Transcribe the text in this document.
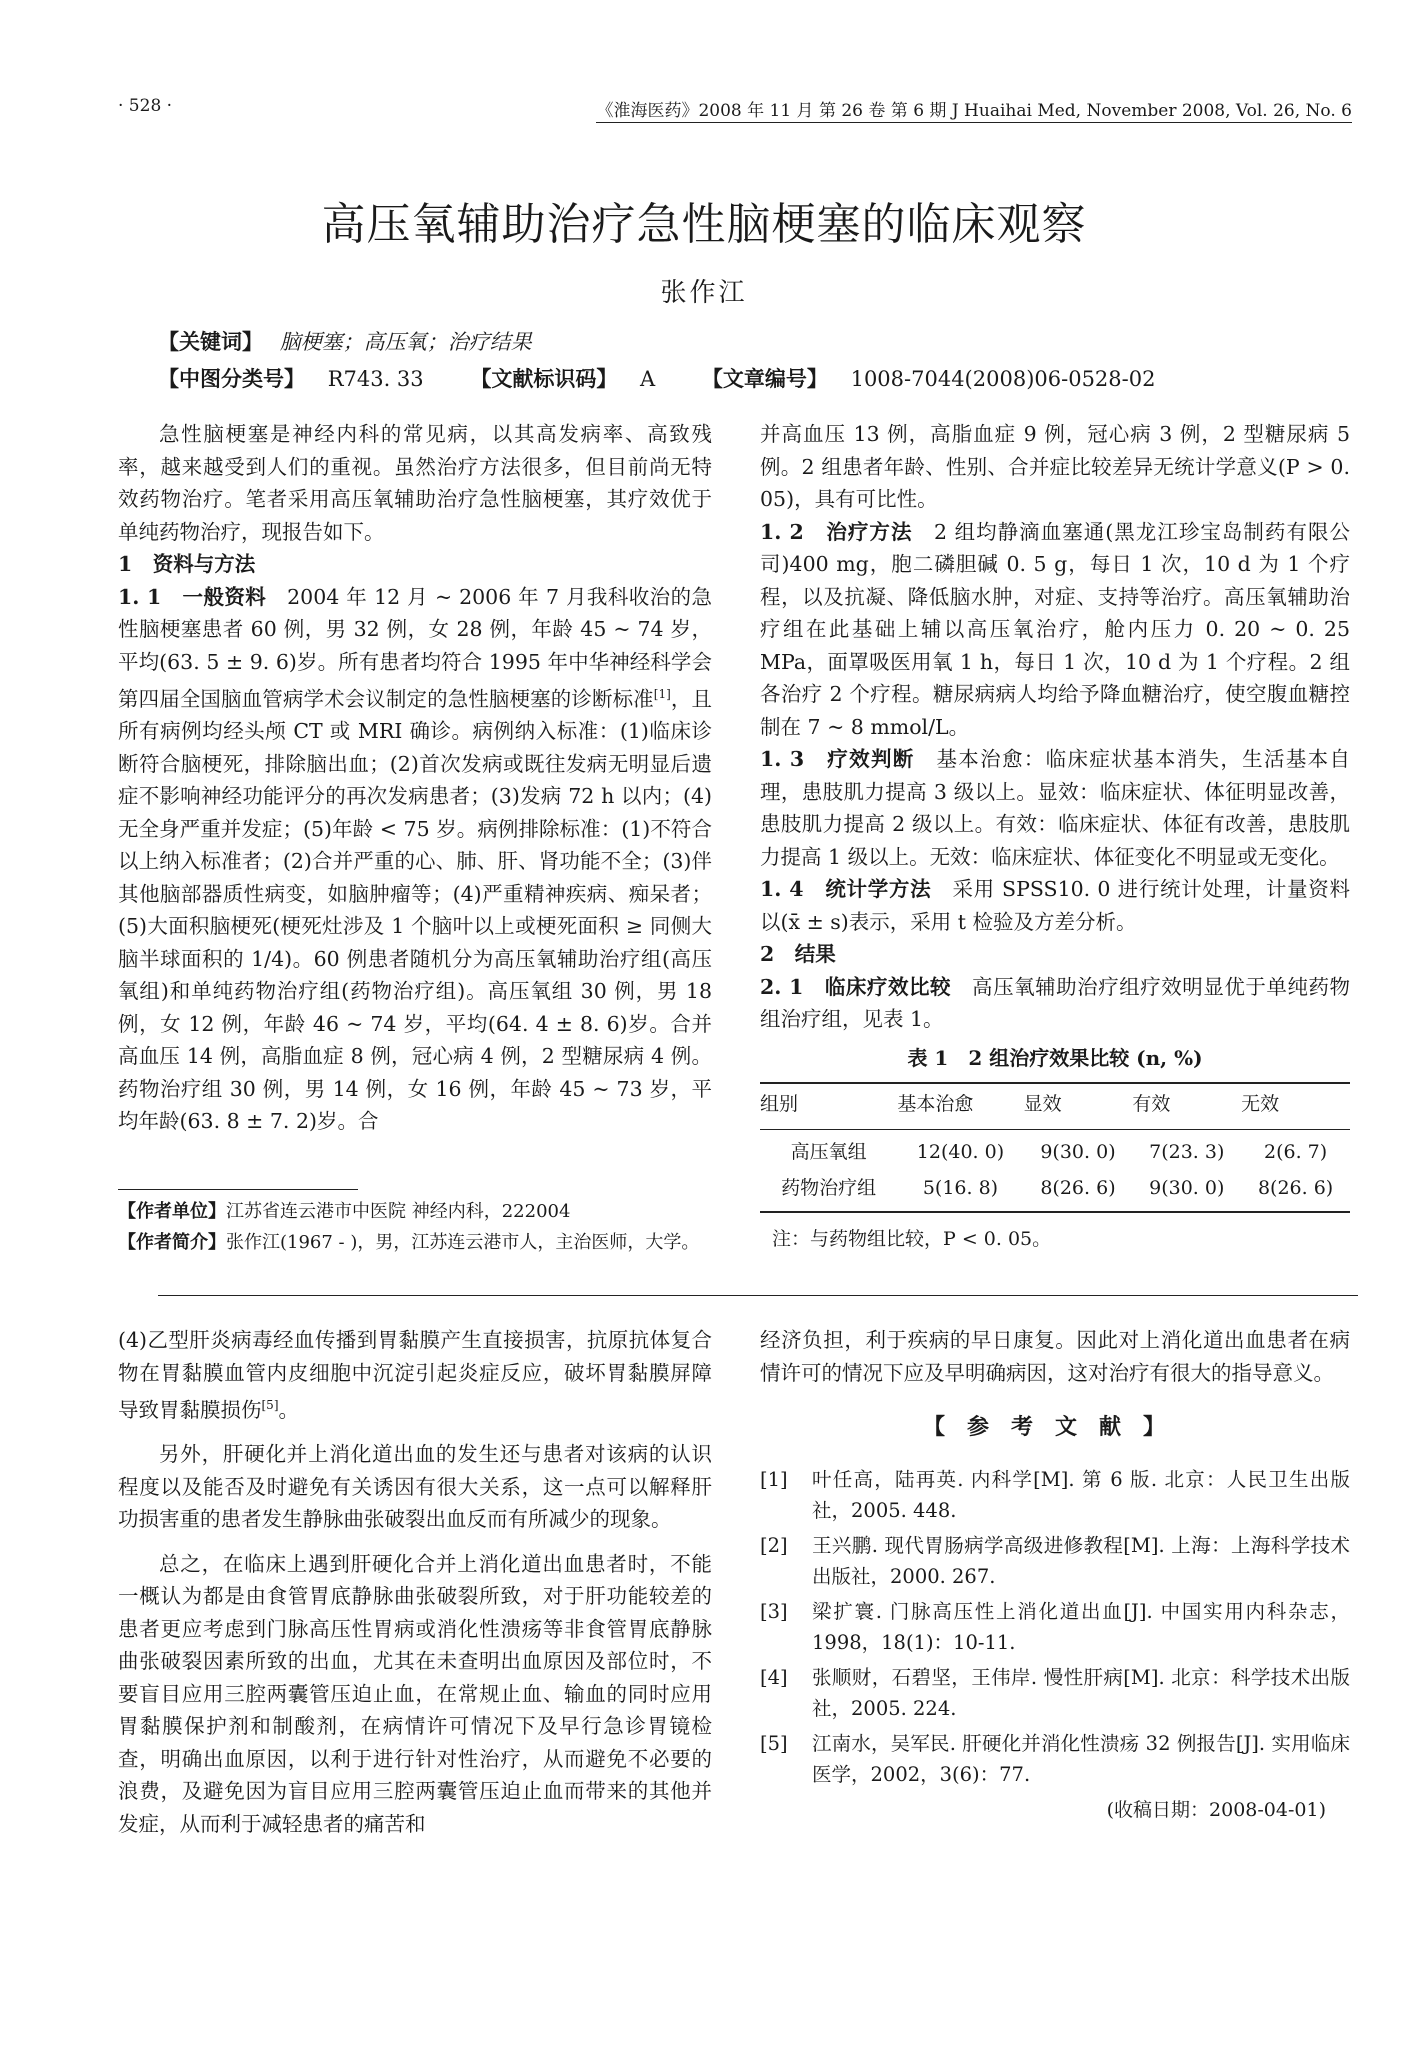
· 528 ·	《淮海医药》2008 年 11 月 第 26 卷 第 6 期 J Huaihai Med, November 2008, Vol. 26, No. 6
高压氧辅助治疗急性脑梗塞的临床观察
张作江
【关键词】 脑梗塞；高压氧；治疗结果
【中图分类号】 R743. 33 【文献标识码】 A 【文章编号】 1008-7044(2008)06-0528-02

急性脑梗塞是神经内科的常见病，以其高发病率、高致残率，越来越受到人们的重视。虽然治疗方法很多，但目前尚无特效药物治疗。笔者采用高压氧辅助治疗急性脑梗塞，其疗效优于单纯药物治疗，现报告如下。

1　资料与方法

1. 1　一般资料　2004 年 12 月 ~ 2006 年 7 月我科收治的急性脑梗塞患者 60 例，男 32 例，女 28 例，年龄 45 ~ 74 岁，平均(63. 5 ± 9. 6)岁。所有患者均符合 1995 年中华神经科学会第四届全国脑血管病学术会议制定的急性脑梗塞的诊断标准[1]，且所有病例均经头颅 CT 或 MRI 确诊。病例纳入标准：(1)临床诊断符合脑梗死，排除脑出血；(2)首次发病或既往发病无明显后遗症不影响神经功能评分的再次发病患者；(3)发病 72 h 以内；(4)无全身严重并发症；(5)年龄 < 75 岁。病例排除标准：(1)不符合以上纳入标准者；(2)合并严重的心、肺、肝、肾功能不全；(3)伴其他脑部器质性病变，如脑肿瘤等；(4)严重精神疾病、痴呆者；(5)大面积脑梗死(梗死灶涉及 1 个脑叶以上或梗死面积 ≥ 同侧大脑半球面积的 1/4)。60 例患者随机分为高压氧辅助治疗组(高压氧组)和单纯药物治疗组(药物治疗组)。高压氧组 30 例，男 18 例，女 12 例，年龄 46 ~ 74 岁，平均(64. 4 ± 8. 6)岁。合并高血压 14 例，高脂血症 8 例，冠心病 4 例，2 型糖尿病 4 例。药物治疗组 30 例，男 14 例，女 16 例，年龄 45 ~ 73 岁，平均年龄(63. 8 ± 7. 2)岁。合

【作者单位】江苏省连云港市中医院 神经内科，222004
【作者简介】张作江(1967 - )，男，江苏连云港市人，主治医师，大学。

并高血压 13 例，高脂血症 9 例，冠心病 3 例，2 型糖尿病 5 例。2 组患者年龄、性别、合并症比较差异无统计学意义(P > 0. 05)，具有可比性。

1. 2　治疗方法　2 组均静滴血塞通(黑龙江珍宝岛制药有限公司)400 mg，胞二磷胆碱 0. 5 g，每日 1 次，10 d 为 1 个疗程，以及抗凝、降低脑水肿，对症、支持等治疗。高压氧辅助治疗组在此基础上辅以高压氧治疗，舱内压力 0. 20 ~ 0. 25 MPa，面罩吸医用氧 1 h，每日 1 次，10 d 为 1 个疗程。2 组各治疗 2 个疗程。糖尿病病人均给予降血糖治疗，使空腹血糖控制在 7 ~ 8 mmol/L。

1. 3　疗效判断　基本治愈：临床症状基本消失，生活基本自理，患肢肌力提高 3 级以上。显效：临床症状、体征明显改善，患肢肌力提高 2 级以上。有效：临床症状、体征有改善，患肢肌力提高 1 级以上。无效：临床症状、体征变化不明显或无变化。

1. 4　统计学方法　采用 SPSS10. 0 进行统计处理，计量资料以(x̄ ± s)表示，采用 t 检验及方差分析。

2　结果

2. 1　临床疗效比较　高压氧辅助治疗组疗效明显优于单纯药物组治疗组，见表 1。

表 1　2 组治疗效果比较 (n, %)
组别	基本治愈	显效	有效	无效
高压氧组	12(40. 0)	9(30. 0)	7(23. 3)	2(6. 7)
药物治疗组	5(16. 8)	8(26. 6)	9(30. 0)	8(26. 6)
注：与药物组比较，P < 0. 05。

(4)乙型肝炎病毒经血传播到胃黏膜产生直接损害，抗原抗体复合物在胃黏膜血管内皮细胞中沉淀引起炎症反应，破坏胃黏膜屏障导致胃黏膜损伤[5]。

另外，肝硬化并上消化道出血的发生还与患者对该病的认识程度以及能否及时避免有关诱因有很大关系，这一点可以解释肝功损害重的患者发生静脉曲张破裂出血反而有所减少的现象。

总之，在临床上遇到肝硬化合并上消化道出血患者时，不能一概认为都是由食管胃底静脉曲张破裂所致，对于肝功能较差的患者更应考虑到门脉高压性胃病或消化性溃疡等非食管胃底静脉曲张破裂因素所致的出血，尤其在未查明出血原因及部位时，不要盲目应用三腔两囊管压迫止血，在常规止血、输血的同时应用胃黏膜保护剂和制酸剂，在病情许可情况下及早行急诊胃镜检查，明确出血原因，以利于进行针对性治疗，从而避免不必要的浪费，及避免因为盲目应用三腔两囊管压迫止血而带来的其他并发症，从而利于减轻患者的痛苦和

经济负担，利于疾病的早日康复。因此对上消化道出血患者在病情许可的情况下应及早明确病因，这对治疗有很大的指导意义。

【参考文献】
[1]	叶任高，陆再英. 内科学[M]. 第 6 版. 北京：人民卫生出版社，2005. 448.
[2]	王兴鹏. 现代胃肠病学高级进修教程[M]. 上海：上海科学技术出版社，2000. 267.
[3]	梁扩寰. 门脉高压性上消化道出血[J]. 中国实用内科杂志，1998，18(1)：10-11.
[4]	张顺财，石碧坚，王伟岸. 慢性肝病[M]. 北京：科学技术出版社，2005. 224.
[5]	江南水，吴军民. 肝硬化并消化性溃疡 32 例报告[J]. 实用临床医学，2002，3(6)：77.
(收稿日期：2008-04-01)
